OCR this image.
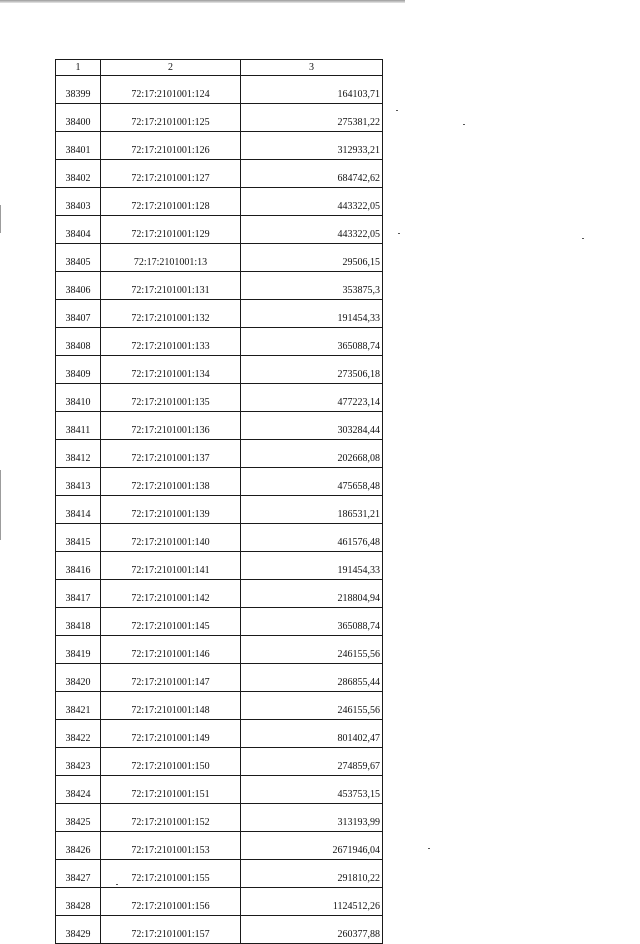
1	2	3
38399	72:17:2101001:124	164103,71
38400	72:17:2101001:125	275381,22
38401	72:17:2101001:126	312933,21
38402	72:17:2101001:127	684742,62
38403	72:17:2101001:128	443322,05
38404	72:17:2101001:129	443322,05
38405	72:17:2101001:13	29506,15
38406	72:17:2101001:131	353875,3
38407	72:17:2101001:132	191454,33
38408	72:17:2101001:133	365088,74
38409	72:17:2101001:134	273506,18
38410	72:17:2101001:135	477223,14
38411	72:17:2101001:136	303284,44
38412	72:17:2101001:137	202668,08
38413	72:17:2101001:138	475658,48
38414	72:17:2101001:139	186531,21
38415	72:17:2101001:140	461576,48
38416	72:17:2101001:141	191454,33
38417	72:17:2101001:142	218804,94
38418	72:17:2101001:145	365088,74
38419	72:17:2101001:146	246155,56
38420	72:17:2101001:147	286855,44
38421	72:17:2101001:148	246155,56
38422	72:17:2101001:149	801402,47
38423	72:17:2101001:150	274859,67
38424	72:17:2101001:151	453753,15
38425	72:17:2101001:152	313193,99
38426	72:17:2101001:153	2671946,04
38427	72:17:2101001:155	291810,22
38428	72:17:2101001:156	1124512,26
38429	72:17:2101001:157	260377,88
